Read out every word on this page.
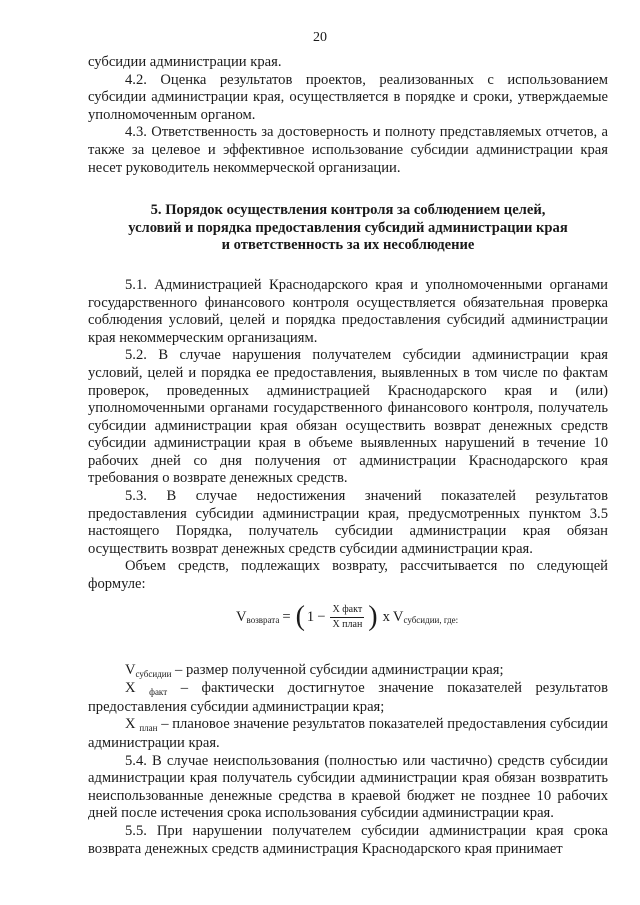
20

субсидии администрации края.

4.2. Оценка результатов проектов, реализованных с использованием субсидии администрации края, осуществляется в порядке и сроки, утверждаемые уполномоченным органом.

4.3. Ответственность за достоверность и полноту представляемых отчетов, а также за целевое и эффективное использование субсидии администрации края несет руководитель некоммерческой организации.

5. Порядок осуществления контроля за соблюдением целей,
условий и порядка предоставления субсидий администрации края
и ответственность за их несоблюдение

5.1. Администрацией Краснодарского края и уполномоченными органами государственного финансового контроля осуществляется обязательная проверка соблюдения условий, целей и порядка предоставления субсидий администрации края некоммерческим организациям.

5.2. В случае нарушения получателем субсидии администрации края условий, целей и порядка ее предоставления, выявленных в том числе по фактам проверок, проведенных администрацией Краснодарского края и (или) уполномоченными органами государственного финансового контроля, получатель субсидии администрации края обязан осуществить возврат денежных средств субсидии администрации края в объеме выявленных нарушений в течение 10 рабочих дней со дня получения от администрации Краснодарского края требования о возврате денежных средств.

5.3. В случае недостижения значений показателей результатов предоставления субсидии администрации края, предусмотренных пунктом 3.5 настоящего Порядка, получатель субсидии администрации края обязан осуществить возврат денежных средств субсидии администрации края.

Объем средств, подлежащих возврату, рассчитывается по следующей формуле:

V возврата = ( $1 - \frac{\text{X факт}}{\text{X план}}$ ) x V субсидии, где:

$V_{субсидии}$ – размер полученной субсидии администрации края;

X $_{факт}$ – фактически достигнутое значение показателей результатов предоставления субсидии администрации края;

X $_{план}$ – плановое значение результатов показателей предоставления субсидии администрации края.

5.4. В случае неиспользования (полностью или частично) средств субсидии администрации края получатель субсидии администрации края обязан возвратить неиспользованные денежные средства в краевой бюджет не позднее 10 рабочих дней после истечения срока использования субсидии администрации края.

5.5. При нарушении получателем субсидии администрации края срока возврата денежных средств администрация Краснодарского края принимает
